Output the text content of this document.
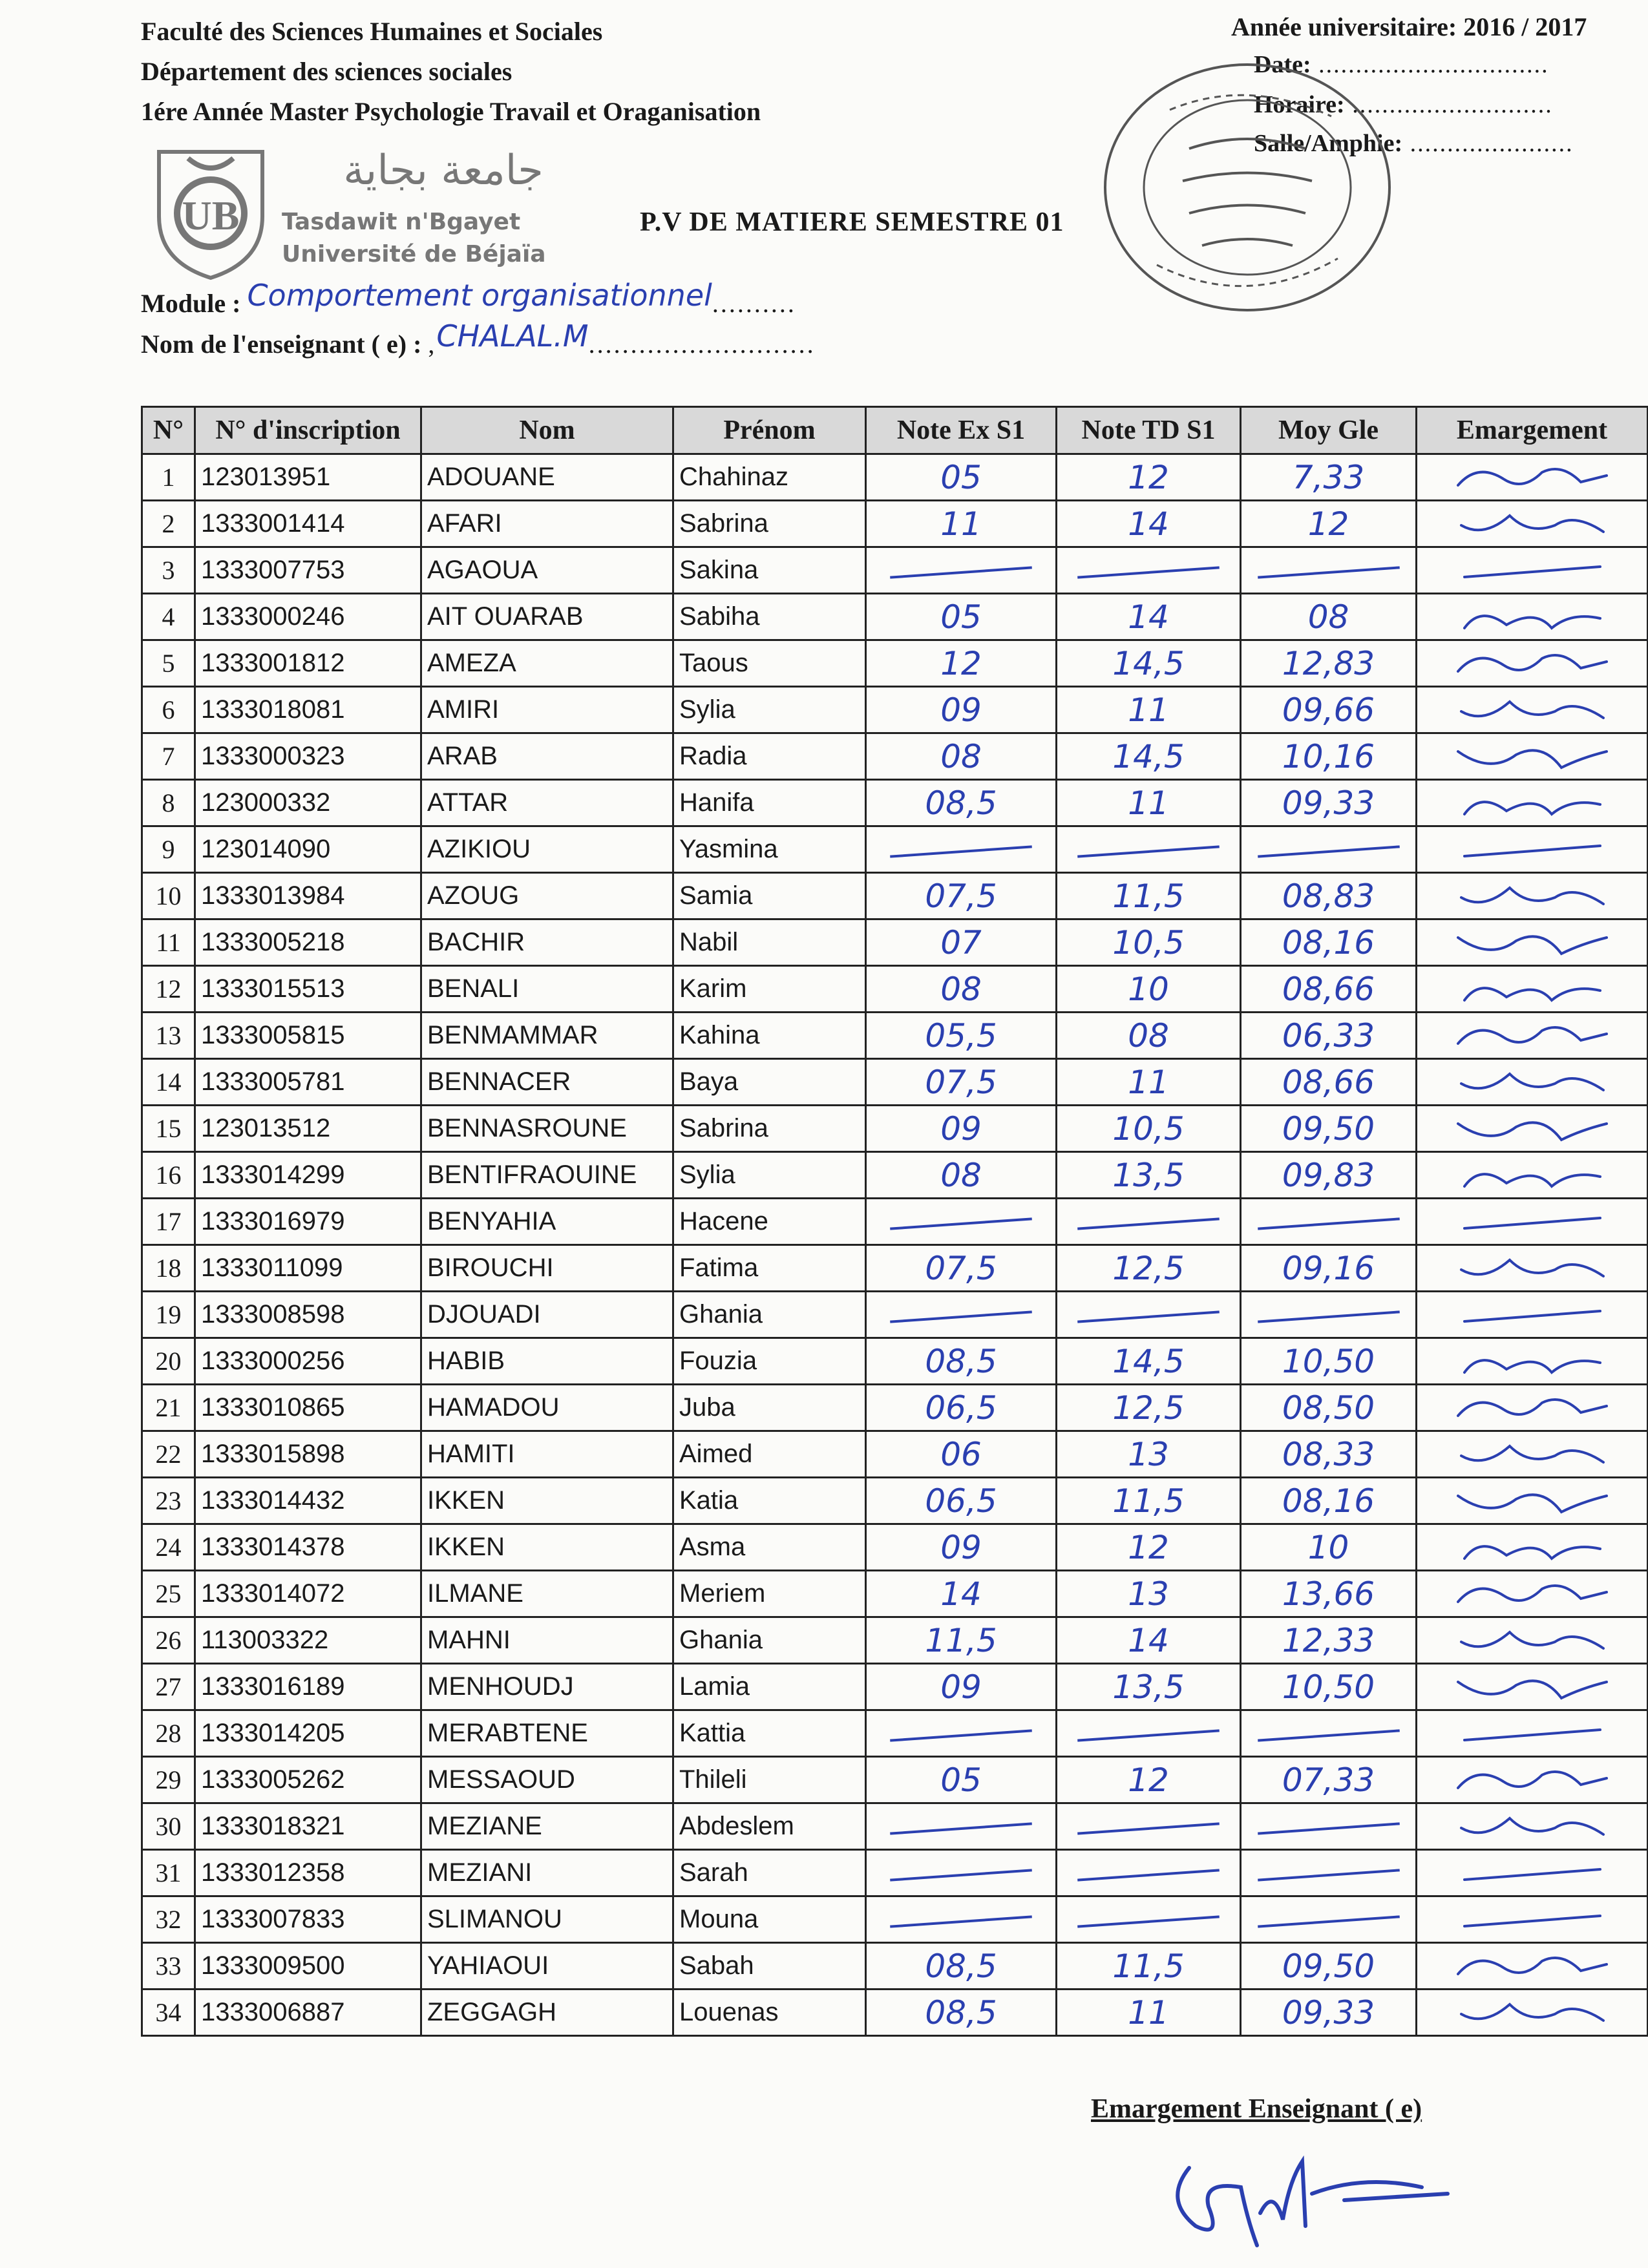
Faculté des Sciences Humaines et Sociales
Département des sciences sociales
1ére Année Master Psychologie Travail et Oraganisation
Année universitaire: 2016 / 2017
Date: ...............................
Horaire: ...........................
Salle/Amphie: ......................
UB
جامعة بجاية
Tasdawit n'Bgayet
Université de Béjaïa
P.V DE MATIERE SEMESTRE 01
Module : Comportement organisationnel..........
Nom de l'enseignant ( e) : ,CHALAL.M...........................
N°	N° d'inscription	Nom	Prénom	Note Ex S1	Note TD S1	Moy Gle	Emargement
1	123013951	ADOUANE	Chahinaz	05	12	7,33	

2	1333001414	AFARI	Sabrina	11	14	12	

3	1333007753	AGAOUA	Sakina				

4	1333000246	AIT OUARAB	Sabiha	05	14	08	

5	1333001812	AMEZA	Taous	12	14,5	12,83	

6	1333018081	AMIRI	Sylia	09	11	09,66	

7	1333000323	ARAB	Radia	08	14,5	10,16	

8	123000332	ATTAR	Hanifa	08,5	11	09,33	

9	123014090	AZIKIOU	Yasmina				

10	1333013984	AZOUG	Samia	07,5	11,5	08,83	

11	1333005218	BACHIR	Nabil	07	10,5	08,16	

12	1333015513	BENALI	Karim	08	10	08,66	

13	1333005815	BENMAMMAR	Kahina	05,5	08	06,33	

14	1333005781	BENNACER	Baya	07,5	11	08,66	

15	123013512	BENNASROUNE	Sabrina	09	10,5	09,50	

16	1333014299	BENTIFRAOUINE	Sylia	08	13,5	09,83	

17	1333016979	BENYAHIA	Hacene				

18	1333011099	BIROUCHI	Fatima	07,5	12,5	09,16	

19	1333008598	DJOUADI	Ghania				

20	1333000256	HABIB	Fouzia	08,5	14,5	10,50	

21	1333010865	HAMADOU	Juba	06,5	12,5	08,50	

22	1333015898	HAMITI	Aimed	06	13	08,33	

23	1333014432	IKKEN	Katia	06,5	11,5	08,16	

24	1333014378	IKKEN	Asma	09	12	10	

25	1333014072	ILMANE	Meriem	14	13	13,66	

26	113003322	MAHNI	Ghania	11,5	14	12,33	

27	1333016189	MENHOUDJ	Lamia	09	13,5	10,50	

28	1333014205	MERABTENE	Kattia				

29	1333005262	MESSAOUD	Thileli	05	12	07,33	

30	1333018321	MEZIANE	Abdeslem				

31	1333012358	MEZIANI	Sarah				

32	1333007833	SLIMANOU	Mouna				

33	1333009500	YAHIAOUI	Sabah	08,5	11,5	09,50	

34	1333006887	ZEGGAGH	Louenas	08,5	11	09,33	
Emargement Enseignant ( e)
